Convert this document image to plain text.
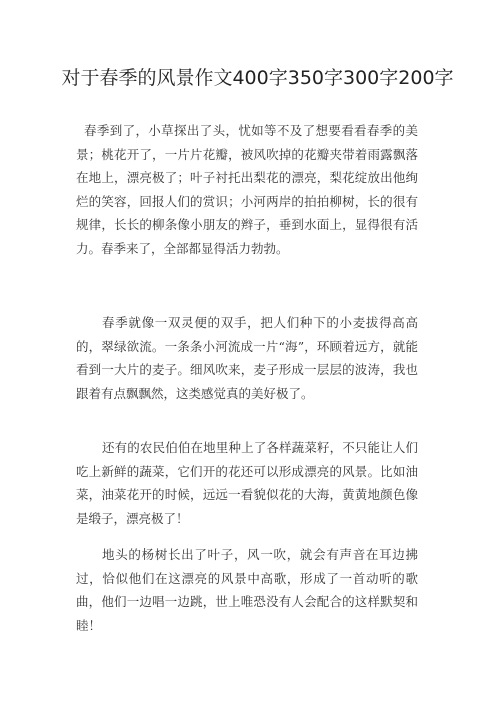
对于春季的风景作文400字350字300字200字

春季到了，小草探出了头，忧如等不及了想要看看春季的美景；桃花开了，一片片花瓣，被风吹掉的花瓣夹带着雨露飘落在地上，漂亮极了；叶子衬托出梨花的漂亮，梨花绽放出他绚烂的笑容，回报人们的赏识；小河两岸的拍拍柳树，长的很有规律，长长的柳条像小朋友的辫子，垂到水面上，显得很有活力。春季来了，全部都显得活力勃勃。

春季就像一双灵便的双手，把人们种下的小麦拔得高高的，翠绿欲流。一条条小河流成一片“海”，环顾着远方，就能看到一大片的麦子。细风吹来，麦子形成一层层的波涛，我也跟着有点飘飘然，这类感觉真的美好极了。

还有的农民伯伯在地里种上了各样蔬菜籽，不只能让人们吃上新鲜的蔬菜，它们开的花还可以形成漂亮的风景。比如油菜，油菜花开的时候，远远一看貌似花的大海，黄黄地颜色像是缎子，漂亮极了！

地头的杨树长出了叶子，风一吹，就会有声音在耳边拂过，恰似他们在这漂亮的风景中高歌，形成了一首动听的歌曲，他们一边唱一边跳，世上唯恐没有人会配合的这样默契和睦！
